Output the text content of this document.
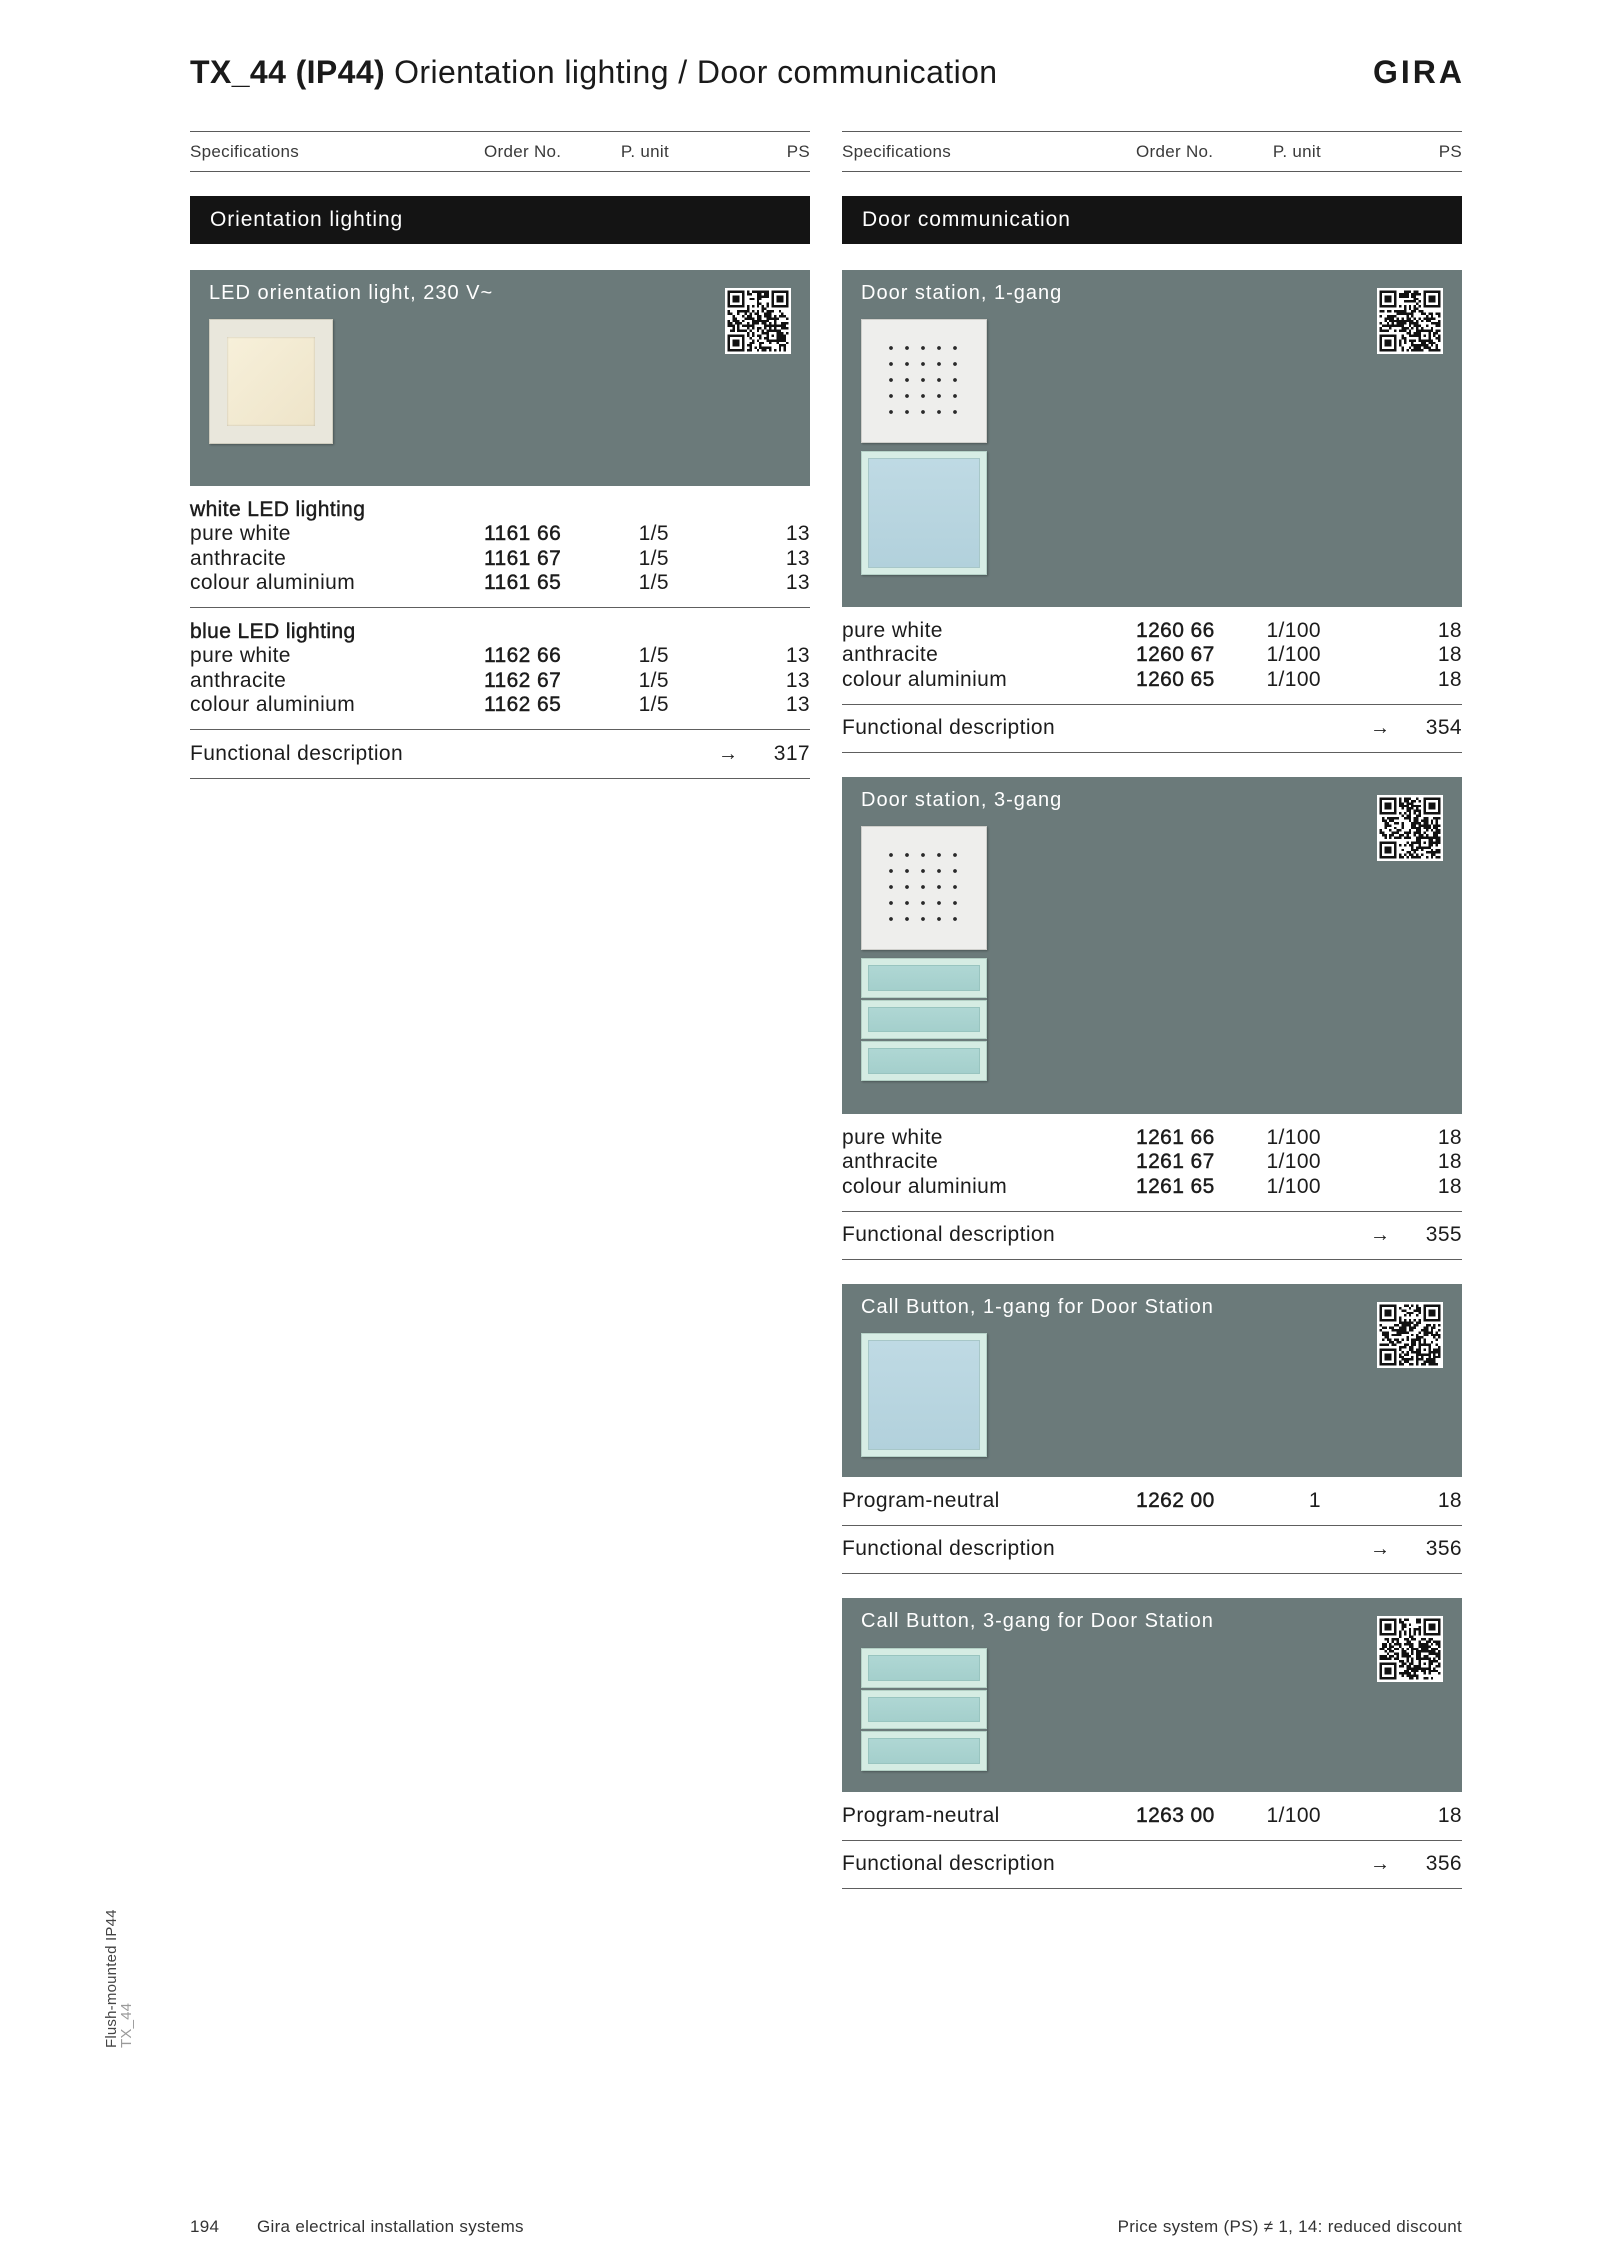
TX_44 (IP44) Orientation lighting / Door communication	GIRA
Specifications	Order No.	P. unit	PS
Orientation lighting
LED orientation light, 230 V~
white LED lighting
pure white	1161 66	1/5	13
anthracite	1161 67	1/5	13
colour aluminium	1161 65	1/5	13
blue LED lighting
pure white	1162 66	1/5	13
anthracite	1162 67	1/5	13
colour aluminium	1162 65	1/5	13
Functional description	→ 317
Specifications	Order No.	P. unit	PS
Door communication
Door station, 1-gang
pure white	1260 66 1/100	18
anthracite	1260 67 1/100	18
colour aluminium	1260 65 1/100	18
Functional description	→ 354
Door station, 3-gang
pure white	1261 66 1/100	18
anthracite	1261 67 1/100	18
colour aluminium	1261 65 1/100	18
Functional description	→ 355
Call Button, 1-gang for Door Station
Program-neutral	1262 00	1	18
Functional description	→ 356
Call Button, 3-gang for Door Station
Program-neutral	1263 00 1/100	18
Functional description	→ 356
Flush-mounted IP44
TX_44
194 Gira electrical installation systems	Price system (PS) ≠ 1, 14: reduced discount
